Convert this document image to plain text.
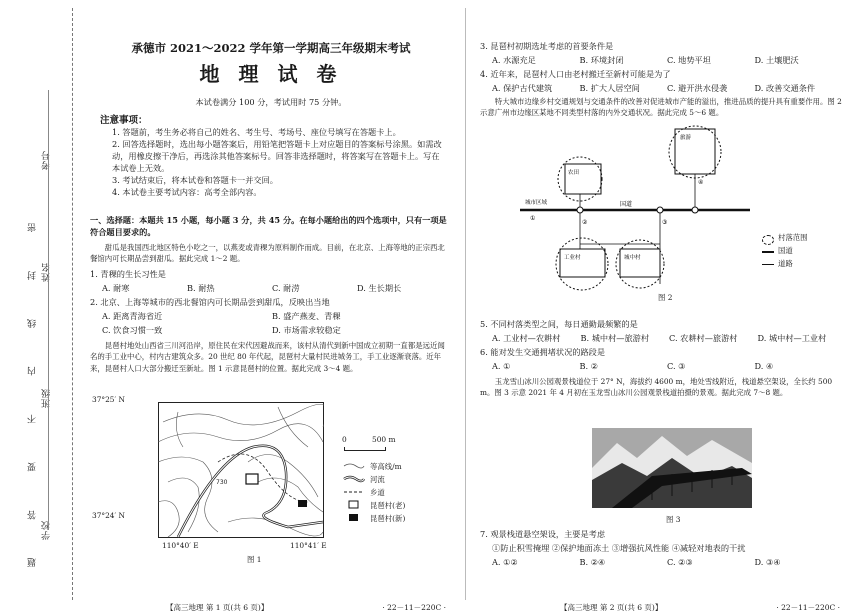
考号
题 答 要 不 内 线 封 密 姓名
班级
学校

承德市 2021～2022 学年第一学期高三年级期末考试

地 理 试 卷

本试卷满分 100 分，考试用时 75 分钟。

注意事项：

1. 答题前，考生务必将自己的姓名、考生号、考场号、座位号填写在答题卡上。

2. 回答选择题时，选出每小题答案后，用铅笔把答题卡上对应题目的答案标号涂黑。如需改动，用橡皮擦干净后，再选涂其他答案标号。回答非选择题时，将答案写在答题卡上。写在本试卷上无效。

3. 考试结束后，将本试卷和答题卡一并交回。

4. 本试卷主要考试内容：高考全部内容。

一、选择题：本题共 15 小题，每小题 3 分，共 45 分。在每小题给出的四个选项中，只有一项是符合题目要求的。

甜瓜是我国西北地区特色小吃之一，以燕麦或青稞为原料制作而成。目前，在北京、上海等地的正宗西北餐馆内可长期品尝到甜瓜。据此完成 1～2 题。

1. 青稞的生长习性是

A. 耐寒	B. 耐热	C. 耐涝	D. 生长期长

2. 北京、上海等城市的西北餐馆内可长期品尝到甜瓜，反映出当地

A. 距离青海省近	B. 盛产燕麦、青稞
C. 饮食习惯一致	D. 市场需求较稳定

昆琶村地处山西省三川河沿岸，原住民在宋代因避战而来，该村从清代到新中国成立初期一直都是远近闻名的手工业中心，村内古建筑众多。20 世纪 80 年代起，昆琶村大量村民进城务工，手工业逐渐衰落。近年来，昆琶村人口大部分搬迁至新址。图 1 示意昆琶村的位置。据此完成 3～4 题。

37°25′ N
37°24′ N
730
110°40′ E	110°41′ E
图 1
0	500 m
等高线/m
河流
乡道
昆琶村(老)
昆琶村(新)
【高三地理 第 1 页(共 6 页)】	· 22－11－220C ·

3. 昆琶村初期选址考虑的首要条件是

A. 水源充足	B. 环境封闭	C. 地势平坦	D. 土壤肥沃

4. 近年来，昆琶村人口由老村搬迁至新村可能是为了

A. 保护古代建筑	B. 扩大人居空间	C. 避开洪水侵袭	D. 改善交通条件

特大城市边缘乡村交通规划与交通条件的改善对促进城市产能的溢出，推进品质的提升具有重要作用。图 2 示意广州市边缘区某地不同类型村落的内外交通状况。据此完成 5～6 题。

①
②	③
④
城市区域
旅游
农田
工业村	城中村
国道
村落范围
国道
道路
图 2

5. 不同村落类型之间，每日通勤最频繁的是

A. 工业村—农耕村	B. 城中村—旅游村	C. 农耕村—旅游村	D. 城中村—工业村

6. 能对发生交通拥堵状况的路段是

A. ①	B. ②	C. ③	D. ④

玉龙雪山冰川公园观景栈道位于 27° N，海拔约 4600 m，地处雪线附近，栈道悬空架设，全长约 500 m。图 3 示意 2021 年 4 月初在玉龙雪山冰川公园观景栈道拍摄的景观。据此完成 7～8 题。

图 3

7. 观景栈道悬空架设，主要是考虑

①防止积雪掩埋 ②保护地面冻土 ③增强抗风性能 ④减轻对地表的干扰

A. ①②	B. ②④	C. ②③	D. ③④
【高三地理 第 2 页(共 6 页)】	· 22－11－220C ·
